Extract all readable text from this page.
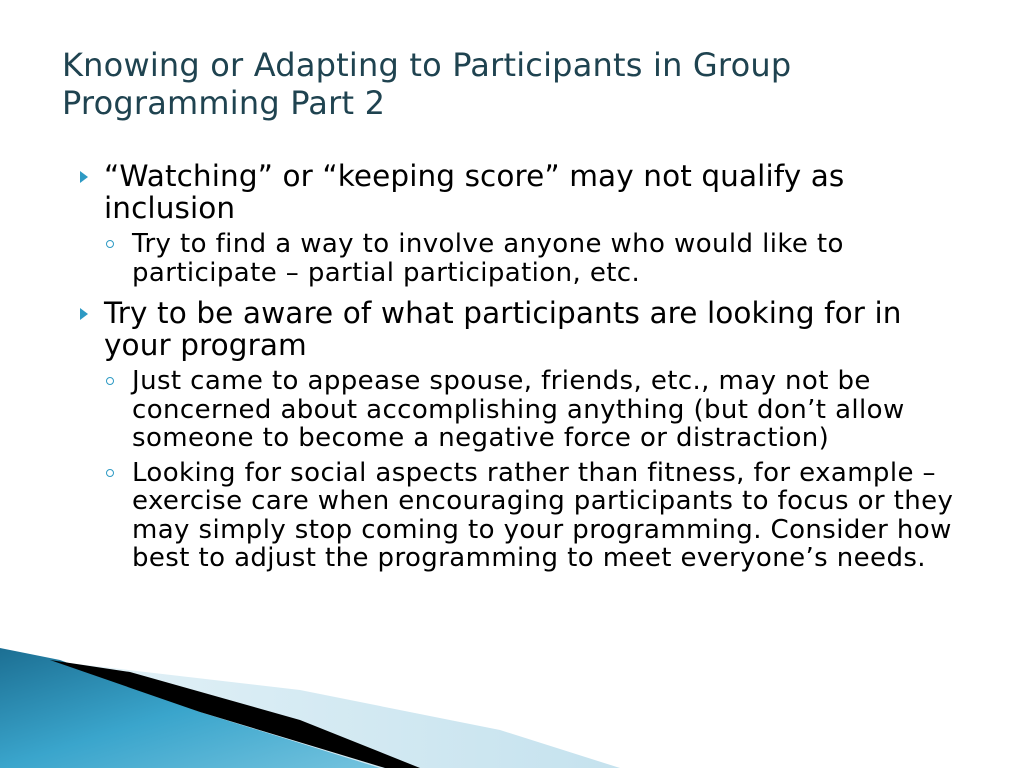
Knowing or Adapting to Participants in Group Programming Part 2
“Watching” or “keeping score” may not qualify as inclusion
Try to find a way to involve anyone who would like to participate – partial participation, etc.
Try to be aware of what participants are looking for in your program
Just came to appease spouse, friends, etc., may not be concerned about accomplishing anything (but don’t allow someone to become a negative force or distraction)
Looking for social aspects rather than fitness, for example – exercise care when encouraging participants to focus or they may simply stop coming to your programming. Consider how best to adjust the programming to meet everyone’s needs.
